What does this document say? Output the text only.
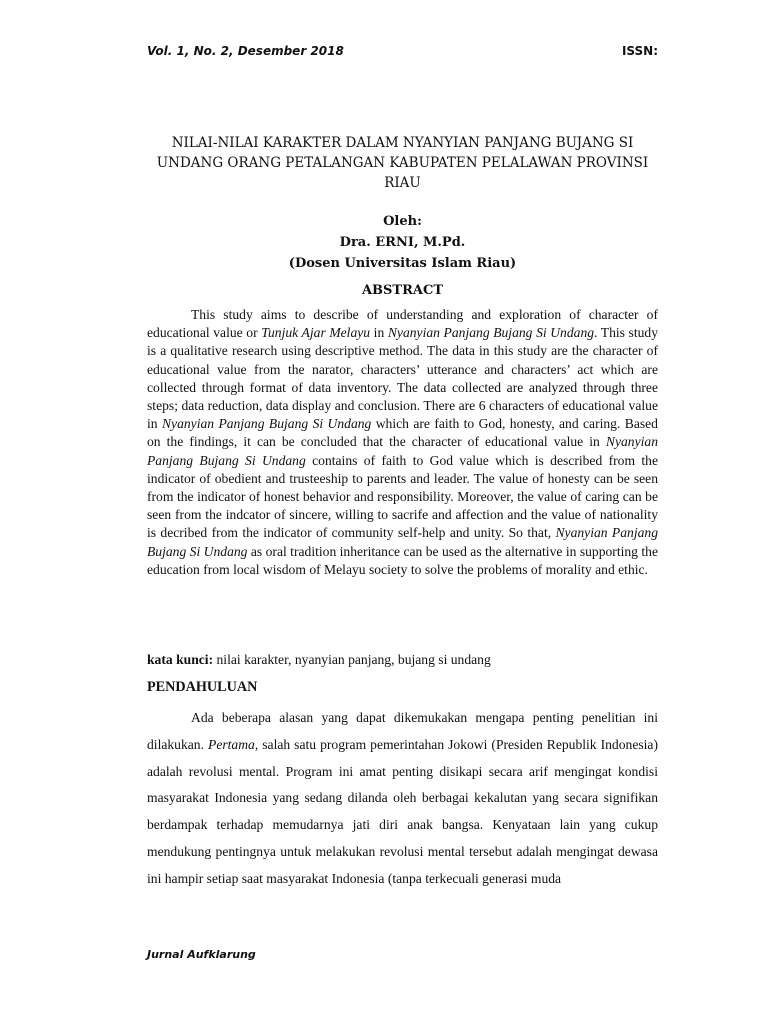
Vol. 1, No. 2, Desember 2018	ISSN:
NILAI-NILAI KARAKTER DALAM NYANYIAN PANJANG BUJANG SI
UNDANG ORANG PETALANGAN KABUPATEN PELALAWAN PROVINSI
RIAU
Oleh:
Dra. ERNI, M.Pd.
(Dosen Universitas Islam Riau)
ABSTRACT

This study aims to describe of understanding and exploration of character of educational value or Tunjuk Ajar Melayu in Nyanyian Panjang Bujang Si Undang. This study is a qualitative research using descriptive method. The data in this study are the character of educational value from the narator, characters’ utterance and characters’ act which are collected through format of data inventory. The data collected are analyzed through three steps; data reduction, data display and conclusion. There are 6 characters of educational value in Nyanyian Panjang Bujang Si Undang which are faith to God, honesty, and caring. Based on the findings, it can be concluded that the character of educational value in Nyanyian Panjang Bujang Si Undang contains of faith to God value which is described from the indicator of obedient and trusteeship to parents and leader. The value of honesty can be seen from the indicator of honest behavior and responsibility. Moreover, the value of caring can be seen from the indcator of sincere, willing to sacrife and affection and the value of nationality is decribed from the indicator of community self-help and unity. So that, Nyanyian Panjang Bujang Si Undang as oral tradition inheritance can be used as the alternative in supporting the education from local wisdom of Melayu society to solve the problems of morality and ethic.

kata kunci: nilai karakter, nyanyian panjang, bujang si undang
PENDAHULUAN

Ada beberapa alasan yang dapat dikemukakan mengapa penting penelitian ini dilakukan. Pertama, salah satu program pemerintahan Jokowi (Presiden Republik Indonesia) adalah revolusi mental. Program ini amat penting disikapi secara arif mengingat kondisi masyarakat Indonesia yang sedang dilanda oleh berbagai kekalutan yang secara signifikan berdampak terhadap memudarnya jati diri anak bangsa. Kenyataan lain yang cukup mendukung pentingnya untuk melakukan revolusi mental tersebut adalah mengingat dewasa ini hampir setiap saat masyarakat Indonesia (tanpa terkecuali generasi muda

Jurnal Aufklarung
